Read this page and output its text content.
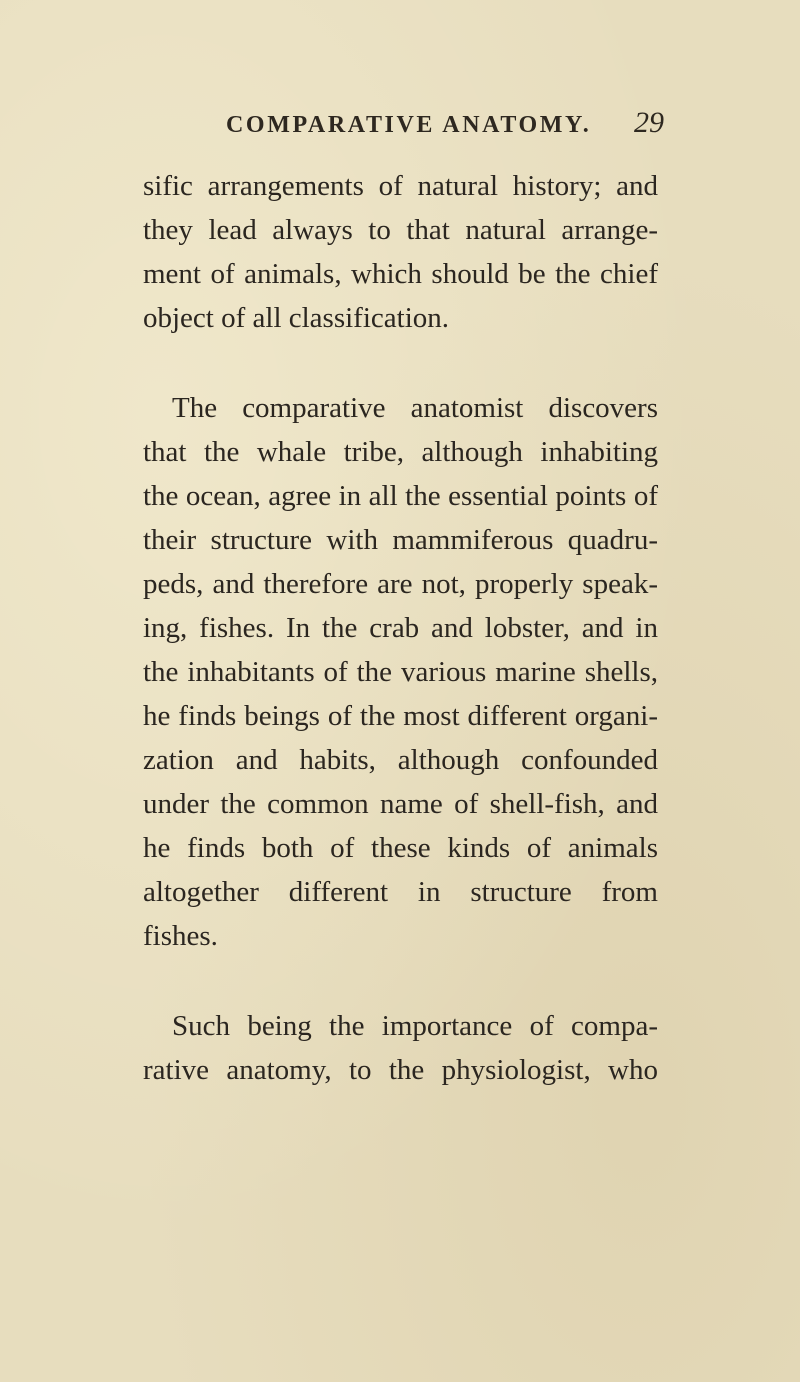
COMPARATIVE ANATOMY. 29
sific arrangements of natural history; and
they lead always to that natural arrange-
ment of animals, which should be the chief
object of all classification.
The comparative anatomist discovers
that the whale tribe, although inhabiting
the ocean, agree in all the essential points of
their structure with mammiferous quadru-
peds, and therefore are not, properly speak-
ing, fishes. In the crab and lobster, and in
the inhabitants of the various marine shells,
he finds beings of the most different organi-
zation and habits, although confounded
under the common name of shell-fish, and
he finds both of these kinds of animals
altogether different in structure from
fishes.
Such being the importance of compa-
rative anatomy, to the physiologist, who
